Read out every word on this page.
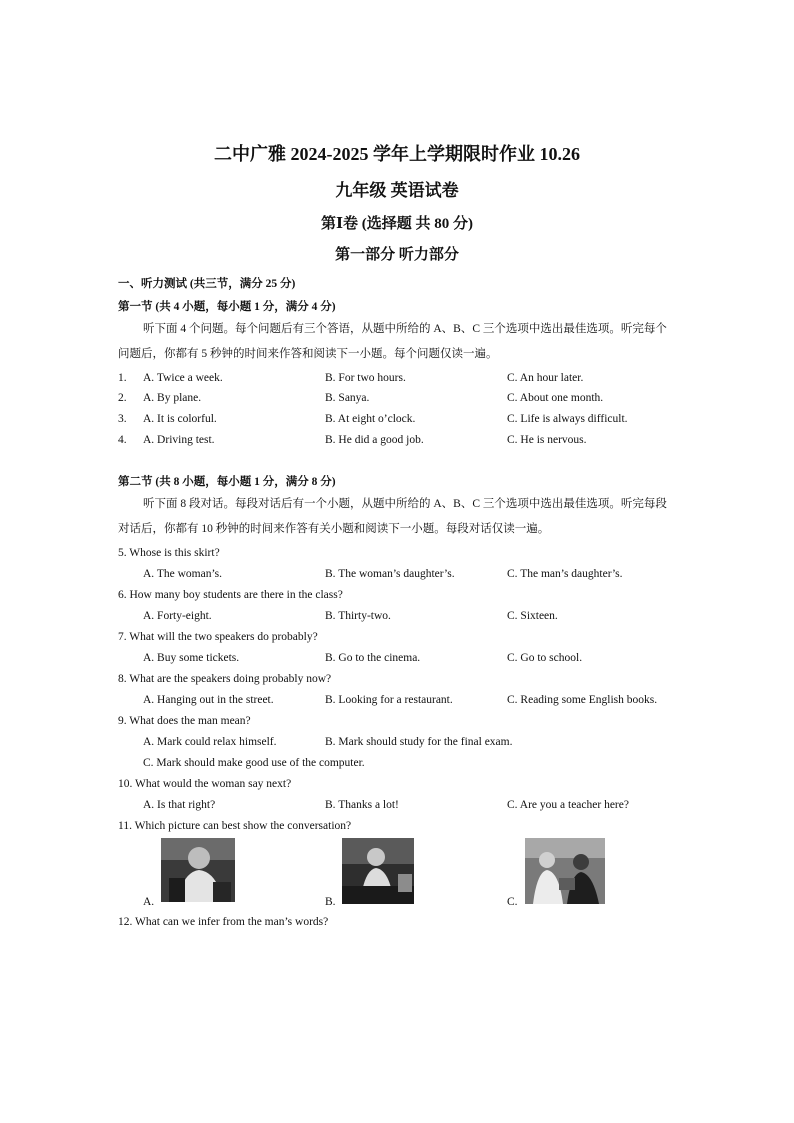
二中广雅 2024-2025 学年上学期限时作业 10.26
九年级 英语试卷
第Ⅰ卷 (选择题 共 80 分)
第一部分 听力部分
一、听力测试 (共三节，满分 25 分)
第一节 (共 4 小题，每小题 1 分，满分 4 分)
听下面 4 个问题。每个问题后有三个答语，从题中所给的 A、B、C 三个选项中选出最佳选项。听完每个问题后，你都有 5 秒钟的时间来作答和阅读下一小题。每个问题仅读一遍。
1. A. Twice a week.	B. For two hours.	C. An hour later.
2. A. By plane.	B. Sanya.	C. About one month.
3. A. It is colorful.	B. At eight o’clock.	C. Life is always difficult.
4. A. Driving test.	B. He did a good job.	C. He is nervous.
第二节 (共 8 小题，每小题 1 分，满分 8 分)
听下面 8 段对话。每段对话后有一个小题，从题中所给的 A、B、C 三个选项中选出最佳选项。听完每段对话后，你都有 10 秒钟的时间来作答有关小题和阅读下一小题。每段对话仅读一遍。
5. Whose is this skirt?
A. The woman’s.	B. The woman’s daughter’s.	C. The man’s daughter’s.
6. How many boy students are there in the class?
A. Forty-eight.	B. Thirty-two.	C. Sixteen.
7. What will the two speakers do probably?
A. Buy some tickets.	B. Go to the cinema.	C. Go to school.
8. What are the speakers doing probably now?
A. Hanging out in the street.	B. Looking for a restaurant.	C. Reading some English books.
9. What does the man mean?
A. Mark could relax himself.	B. Mark should study for the final exam.
C. Mark should make good use of the computer.
10. What would the woman say next?
A. Is that right?	B. Thanks a lot!	C. Are you a teacher here?
11. Which picture can best show the conversation?
A.	B.	C.
12. What can we infer from the man’s words?
